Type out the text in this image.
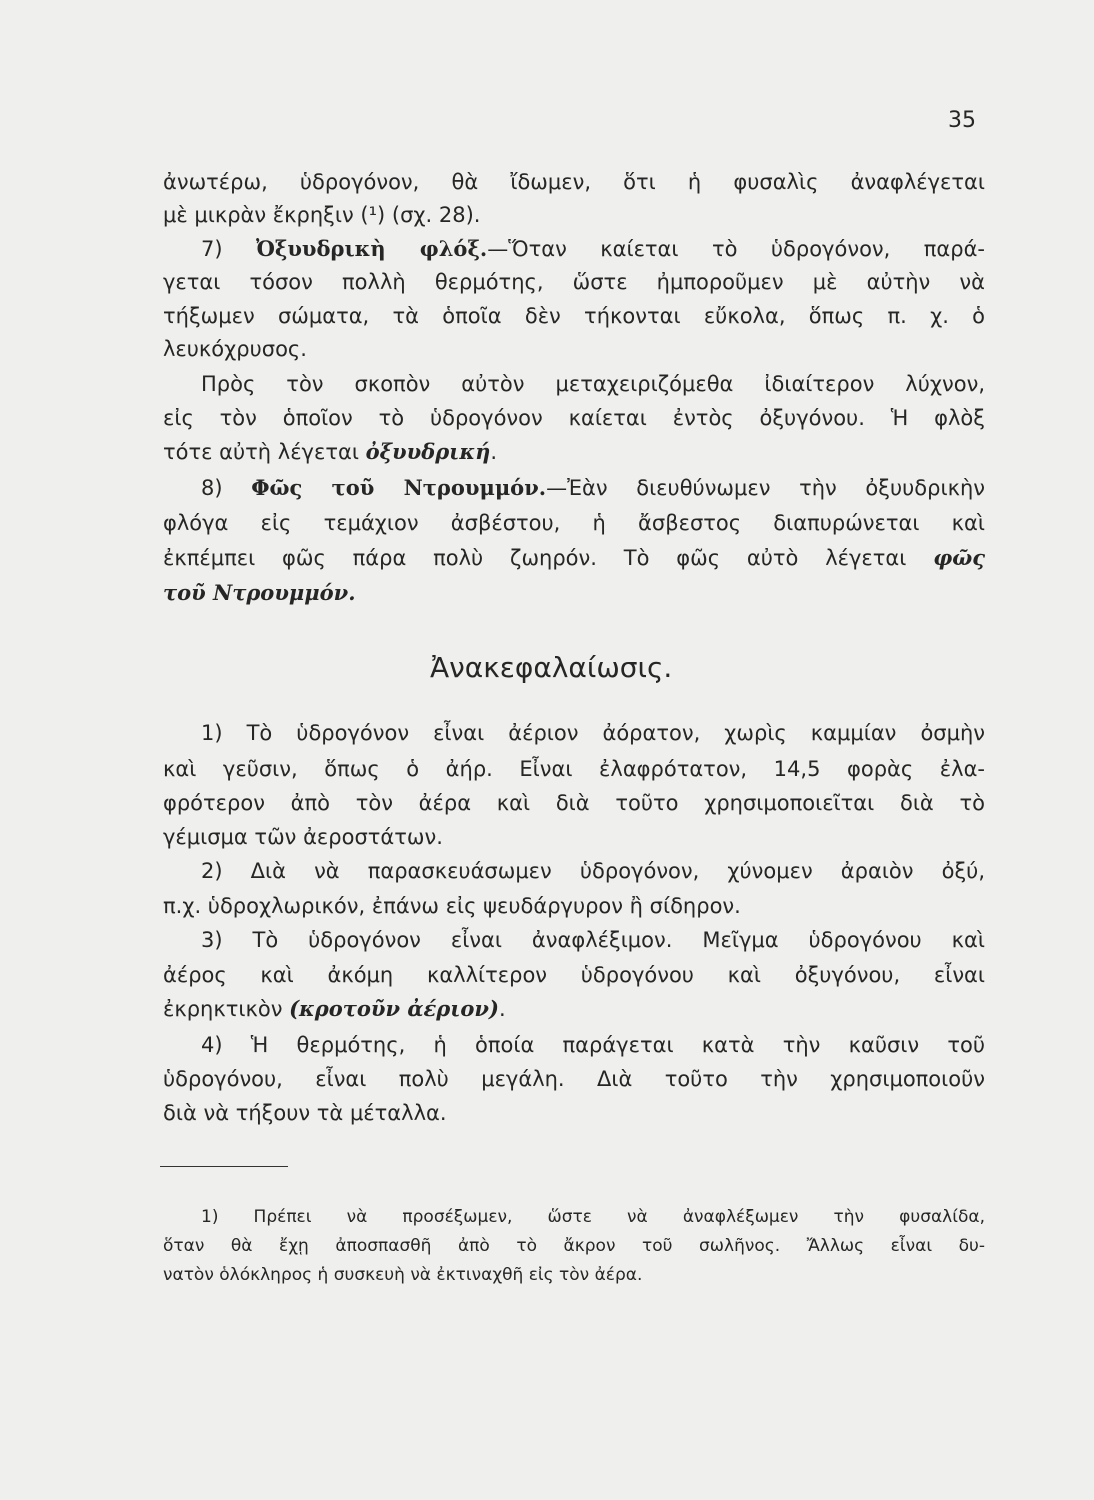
35
ἀνωτέρω, ὑδρογόνον, θὰ ἴδωμεν, ὅτι ἡ φυσαλὶς ἀναφλέγεται
μὲ μικρὰν ἔκρηξιν (¹) (σχ. 28).
7) Ὀξυυδρικὴ φλόξ.—Ὅταν καίεται τὸ ὑδρογόνον, παρά-
γεται τόσον πολλὴ θερμότης, ὥστε ἠμποροῦμεν μὲ αὐτὴν νὰ
τήξωμεν σώματα, τὰ ὁποῖα δὲν τήκονται εὔκολα, ὅπως π. χ. ὁ
λευκόχρυσος.
Πρὸς τὸν σκοπὸν αὐτὸν μεταχειριζόμεθα ἰδιαίτερον λύχνον,
εἰς τὸν ὁποῖον τὸ ὑδρογόνον καίεται ἐντὸς ὀξυγόνου. Ἡ φλὸξ
τότε αὐτὴ λέγεται ὀξυυδρική.
8) Φῶς τοῦ Ντρουμμόν.—Ἐὰν διευθύνωμεν τὴν ὀξυυδρικὴν
φλόγα εἰς τεμάχιον ἀσβέστου, ἡ ἄσβεστος διαπυρώνεται καὶ
ἐκπέμπει φῶς πάρα πολὺ ζωηρόν. Τὸ φῶς αὐτὸ λέγεται φῶς
τοῦ Ντρουμμόν.
Ἀνακεφαλαίωσις.
1) Τὸ ὑδρογόνον εἶναι ἀέριον ἀόρατον, χωρὶς καμμίαν ὀσμὴν
καὶ γεῦσιν, ὅπως ὁ ἀήρ. Εἶναι ἐλαφρότατον, 14,5 φορὰς ἐλα-
φρότερον ἀπὸ τὸν ἀέρα καὶ διὰ τοῦτο χρησιμοποιεῖται διὰ τὸ
γέμισμα τῶν ἀεροστάτων.
2) Διὰ νὰ παρασκευάσωμεν ὑδρογόνον, χύνομεν ἀραιὸν ὀξύ,
π.χ. ὑδροχλωρικόν, ἐπάνω εἰς ψευδάργυρον ἢ σίδηρον.
3) Τὸ ὑδρογόνον εἶναι ἀναφλέξιμον. Μεῖγμα ὑδρογόνου καὶ
ἀέρος καὶ ἀκόμη καλλίτερον ὑδρογόνου καὶ ὀξυγόνου, εἶναι
ἐκρηκτικὸν (κροτοῦν ἀέριον).
4) Ἡ θερμότης, ἡ ὁποία παράγεται κατὰ τὴν καῦσιν τοῦ
ὑδρογόνου, εἶναι πολὺ μεγάλη. Διὰ τοῦτο τὴν χρησιμοποιοῦν
διὰ νὰ τήξουν τὰ μέταλλα.
1) Πρέπει νὰ προσέξωμεν, ὥστε νὰ ἀναφλέξωμεν τὴν φυσαλίδα,
ὅταν θὰ ἔχῃ ἀποσπασθῆ ἀπὸ τὸ ἄκρον τοῦ σωλῆνος. Ἄλλως εἶναι δυ-
νατὸν ὁλόκληρος ἡ συσκευὴ νὰ ἐκτιναχθῆ εἰς τὸν ἀέρα.
